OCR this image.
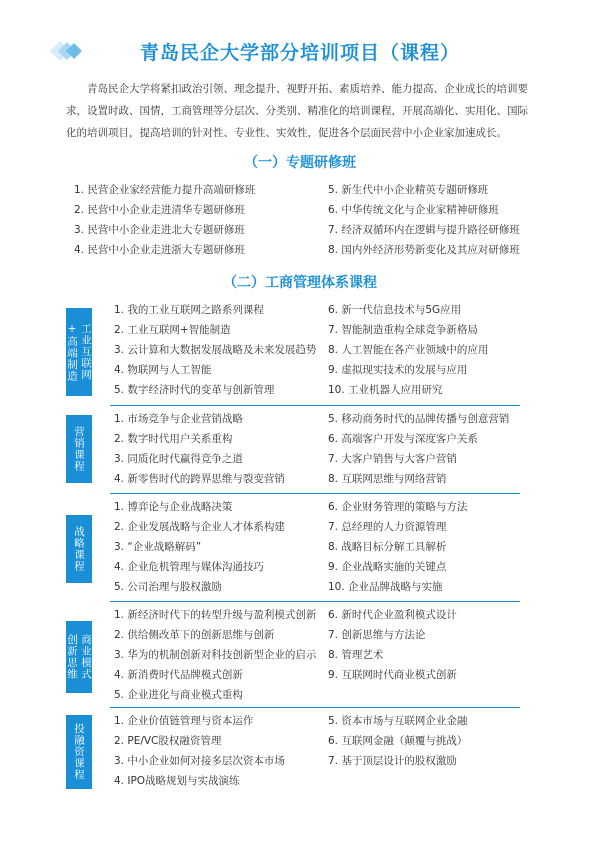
青岛民企大学部分培训项目（课程）
青岛民企大学将紧扣政治引领、理念提升、视野开拓、素质培养、能力提高、企业成长的培训要求，设置时政、国情，工商管理等分层次、分类别、精准化的培训课程，开展高端化、实用化、国际化的培训项目，提高培训的针对性、专业性、实效性，促进各个层面民营中小企业家加速成长。
（一）专题研修班
1. 民营企业家经营能力提升高端研修班
2. 民营中小企业走进清华专题研修班
3. 民营中小企业走进北大专题研修班
4. 民营中小企业走进浙大专题研修班
5. 新生代中小企业精英专题研修班
6. 中华传统文化与企业家精神研修班
7. 经济双循环内在逻辑与提升路径研修班
8. 国内外经济形势新变化及其应对研修班
（二）工商管理体系课程
工业互联网
+高端制造
1. 我的工业互联网之路系列课程
2. 工业互联网+智能制造
3. 云计算和大数据发展战略及未来发展趋势
4. 物联网与人工智能
5. 数字经济时代的变革与创新管理
6. 新一代信息技术与5G应用
7. 智能制造重构全球竞争新格局
8. 人工智能在各产业领域中的应用
9. 虚拟现实技术的发展与应用
10. 工业机器人应用研究
营销课程
1. 市场竞争与企业营销战略
2. 数字时代用户关系重构
3. 同质化时代赢得竞争之道
4. 新零售时代的跨界思维与裂变营销
5. 移动商务时代的品牌传播与创意营销
6. 高端客户开发与深度客户关系
7. 大客户销售与大客户营销
8. 互联网思维与网络营销
战略课程
1. 博弈论与企业战略决策
2. 企业发展战略与企业人才体系构建
3. “企业战略解码”
4. 企业危机管理与媒体沟通技巧
5. 公司治理与股权激励
6. 企业财务管理的策略与方法
7. 总经理的人力资源管理
8. 战略目标分解工具解析
9. 企业战略实施的关键点
10. 企业品牌战略与实施
商业模式
创新思维
1. 新经济时代下的转型升级与盈利模式创新
2. 供给侧改革下的创新思维与创新
3. 华为的机制创新对科技创新型企业的启示
4. 新消费时代品牌模式创新
5. 企业进化与商业模式重构
6. 新时代企业盈利模式设计
7. 创新思维与方法论
8. 管理艺术
9. 互联网时代商业模式创新
投融资课程
1. 企业价值链管理与资本运作
2. PE/VC股权融资管理
3. 中小企业如何对接多层次资本市场
4. IPO战略规划与实战演练
5. 资本市场与互联网企业金融
6. 互联网金融（颠覆与挑战）
7. 基于顶层设计的股权激励
